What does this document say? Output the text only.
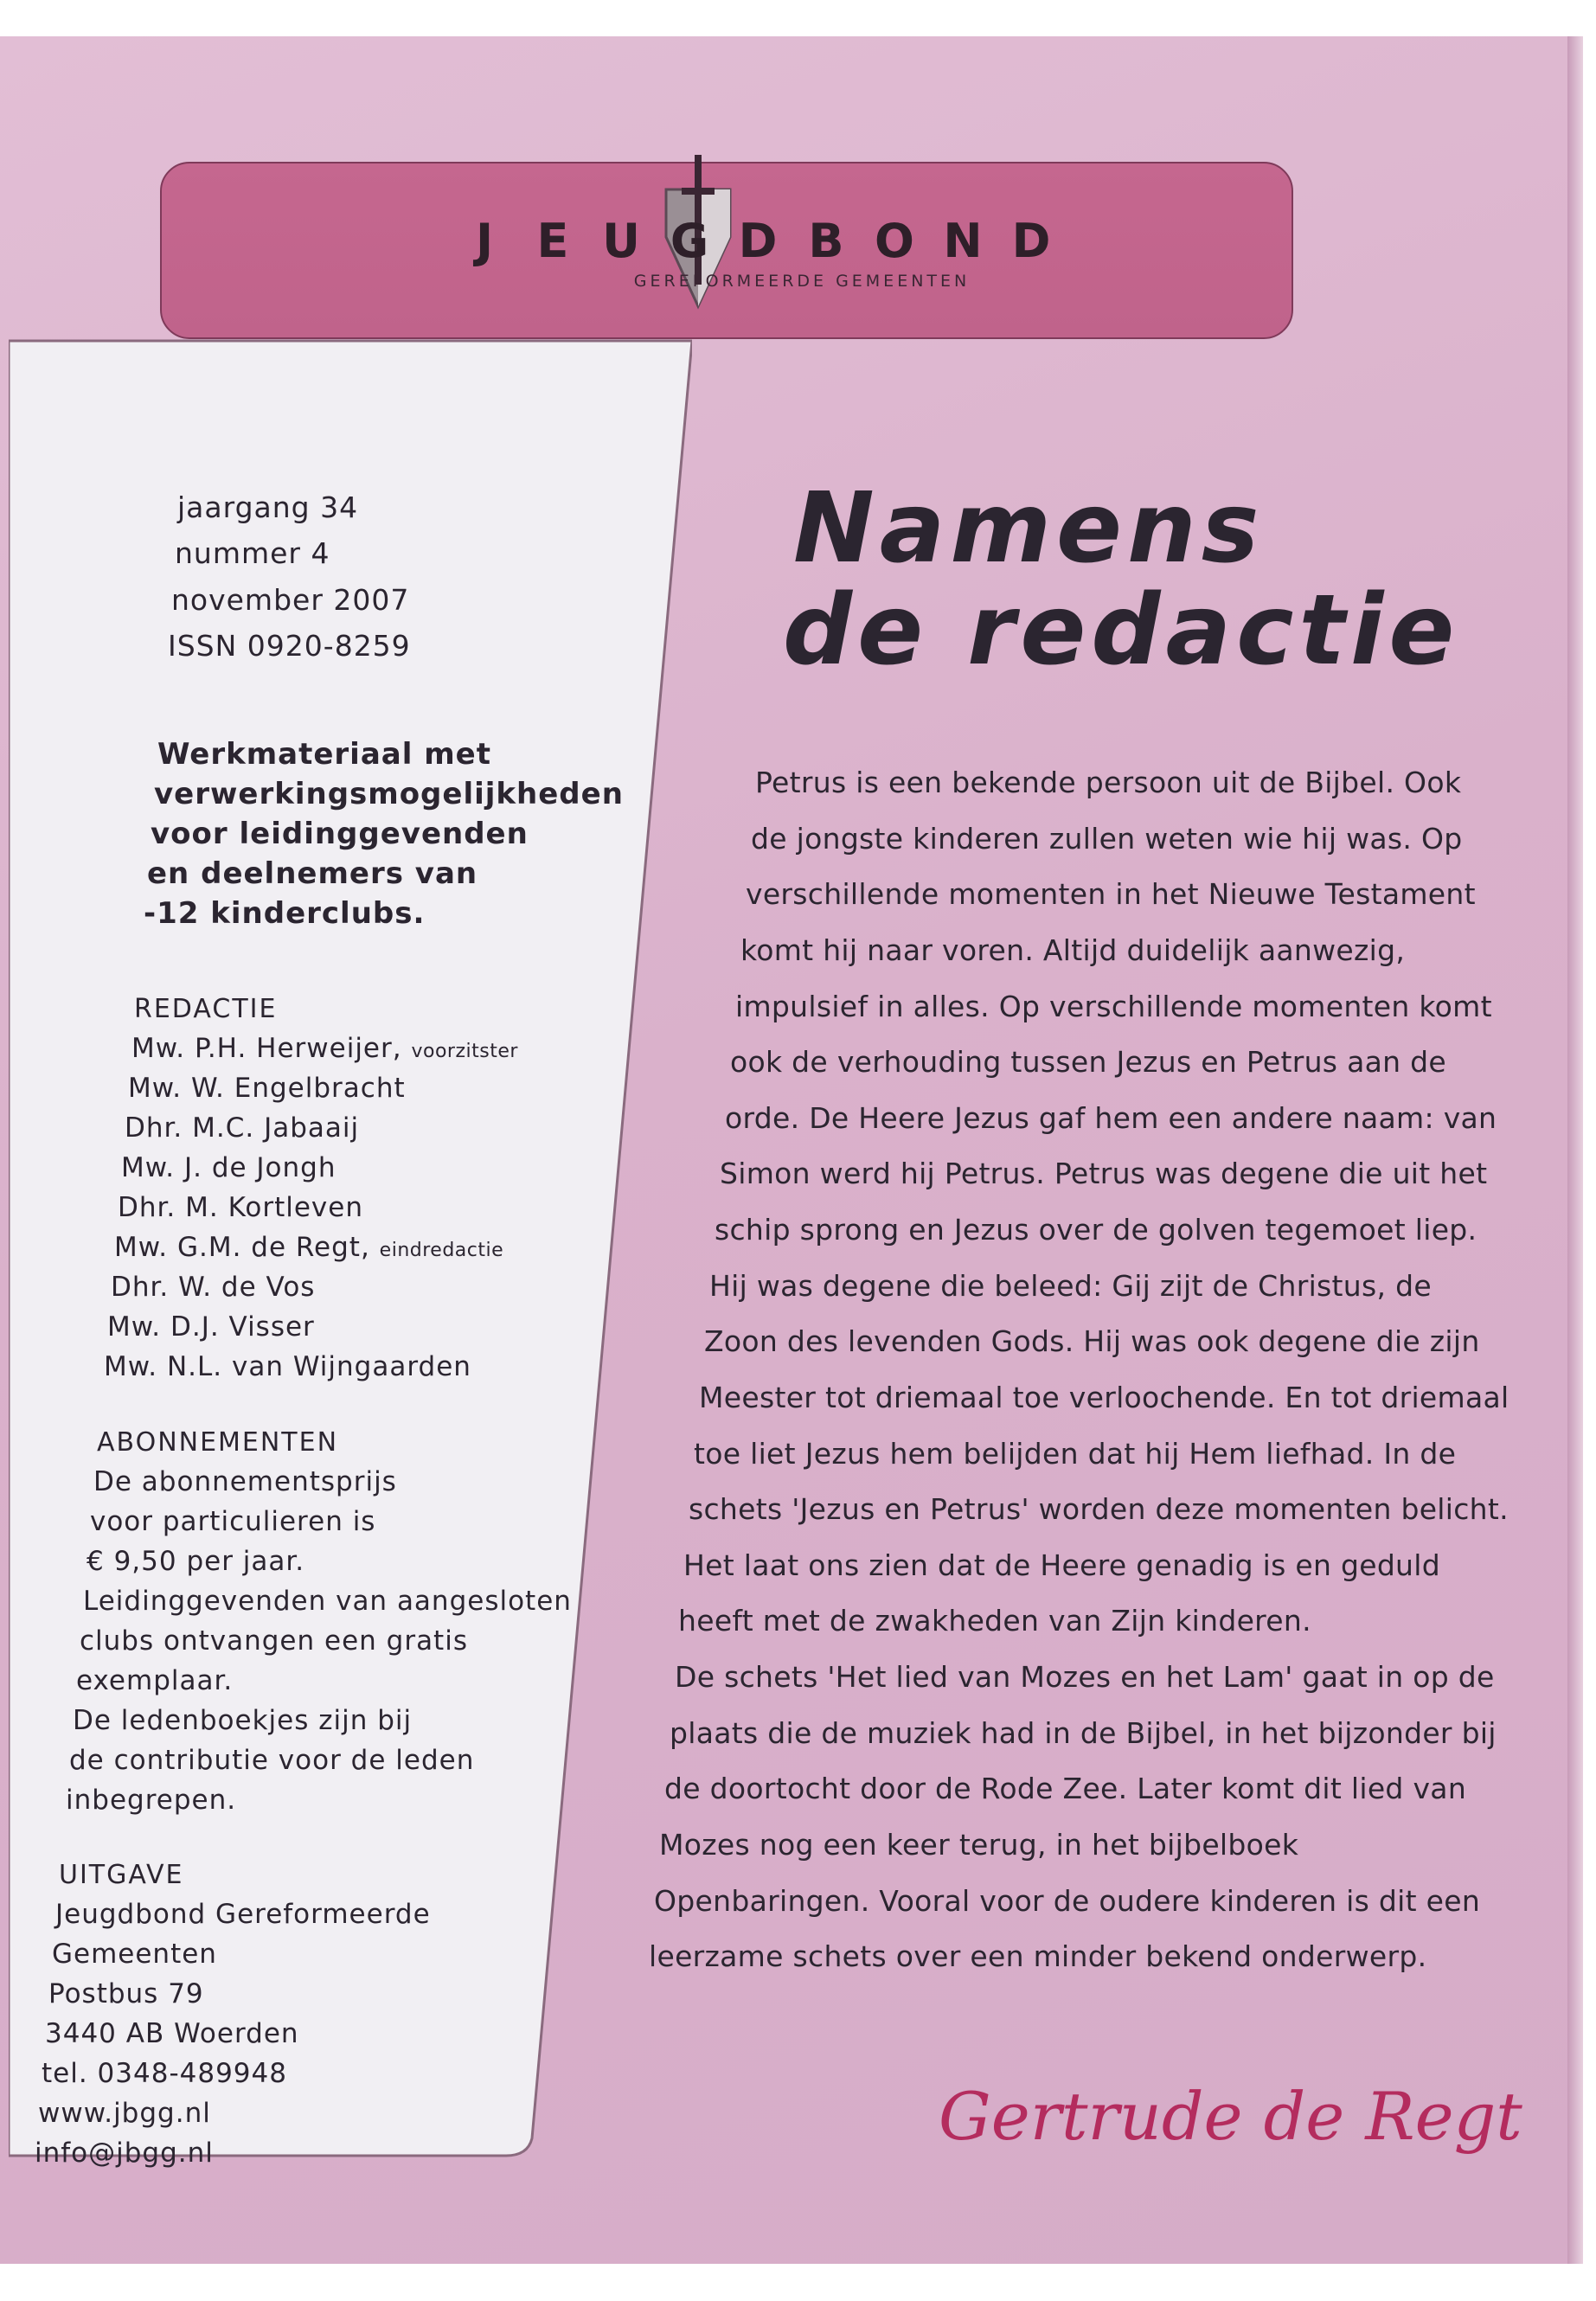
J E U G D B O N D
GEREFORMEERDE GEMEENTEN
jaargang 34
nummer 4
november 2007
ISSN 0920-8259
Werkmateriaal met
verwerkingsmogelijkheden
voor leidinggevenden
en deelnemers van
-12 kinderclubs.
REDACTIE
Mw. P.H. Herweijer, voorzitster
Mw. W. Engelbracht
Dhr. M.C. Jabaaij
Mw. J. de Jongh
Dhr. M. Kortleven
Mw. G.M. de Regt, eindredactie
Dhr. W. de Vos
Mw. D.J. Visser
Mw. N.L. van Wijngaarden
ABONNEMENTEN
De abonnementsprijs
voor particulieren is
€ 9,50 per jaar.
Leidinggevenden van aangesloten
clubs ontvangen een gratis
exemplaar.
De ledenboekjes zijn bij
de contributie voor de leden
inbegrepen.
UITGAVE
Jeugdbond Gereformeerde
Gemeenten
Postbus 79
3440 AB Woerden
tel. 0348-489948
www.jbgg.nl
info@jbgg.nl
Namens
de redactie
Petrus is een bekende persoon uit de Bijbel. Ook
de jongste kinderen zullen weten wie hij was. Op
verschillende momenten in het Nieuwe Testament
komt hij naar voren. Altijd duidelijk aanwezig,
impulsief in alles. Op verschillende momenten komt
ook de verhouding tussen Jezus en Petrus aan de
orde. De Heere Jezus gaf hem een andere naam: van
Simon werd hij Petrus. Petrus was degene die uit het
schip sprong en Jezus over de golven tegemoet liep.
Hij was degene die beleed: Gij zijt de Christus, de
Zoon des levenden Gods. Hij was ook degene die zijn
Meester tot driemaal toe verloochende. En tot driemaal
toe liet Jezus hem belijden dat hij Hem liefhad. In de
schets 'Jezus en Petrus' worden deze momenten belicht.
Het laat ons zien dat de Heere genadig is en geduld
heeft met de zwakheden van Zijn kinderen.
De schets 'Het lied van Mozes en het Lam' gaat in op de
plaats die de muziek had in de Bijbel, in het bijzonder bij
de doortocht door de Rode Zee. Later komt dit lied van
Mozes nog een keer terug, in het bijbelboek
Openbaringen. Vooral voor de oudere kinderen is dit een
leerzame schets over een minder bekend onderwerp.
Gertrude de Regt
